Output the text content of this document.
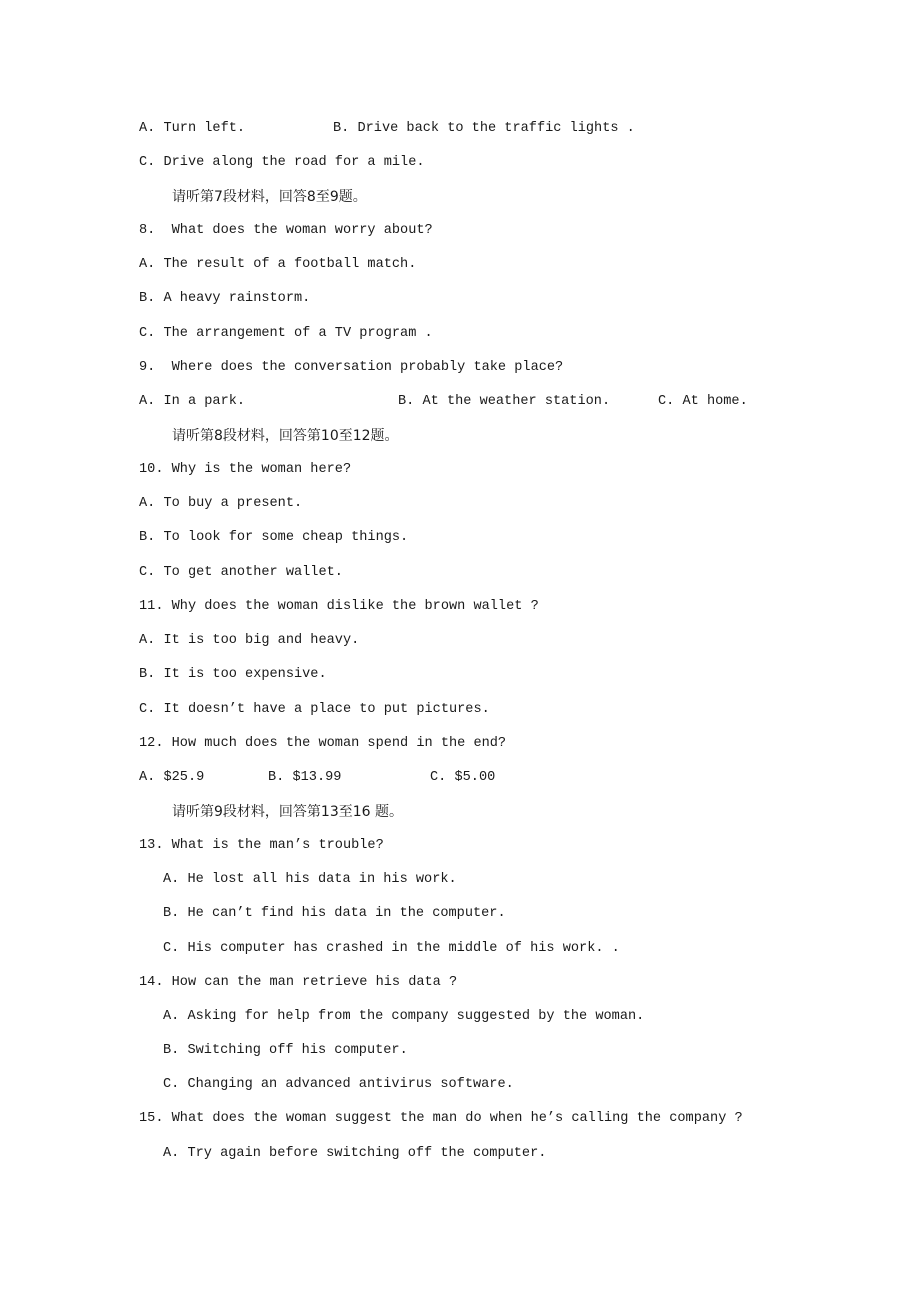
A. Turn left.	B. Drive back to the traffic lights .
C. Drive along the road for a mile.
请听第7段材料，回答8至9题。
8.  What does the woman worry about?
A. The result of a football match.
B. A heavy rainstorm.
C. The arrangement of a TV program .
9.  Where does the conversation probably take place?
A. In a park.	B. At the weather station.	C. At home.
请听第8段材料，回答第10至12题。
10. Why is the woman here?
A. To buy a present.
B. To look for some cheap things.
C. To get another wallet.
11. Why does the woman dislike the brown wallet ?
A. It is too big and heavy.
B. It is too expensive.
C. It doesn’t have a place to put pictures.
12. How much does the woman spend in the end?
A. $25.9	B. $13.99	C. $5.00
请听第9段材料，回答第13至16 题。
13. What is the man’s trouble?
A. He lost all his data in his work.
B. He can’t find his data in the computer.
C. His computer has crashed in the middle of his work. .
14. How can the man retrieve his data ?
A. Asking for help from the company suggested by the woman.
B. Switching off his computer.
C. Changing an advanced antivirus software.
15. What does the woman suggest the man do when he’s calling the company ?
A. Try again before switching off the computer.
